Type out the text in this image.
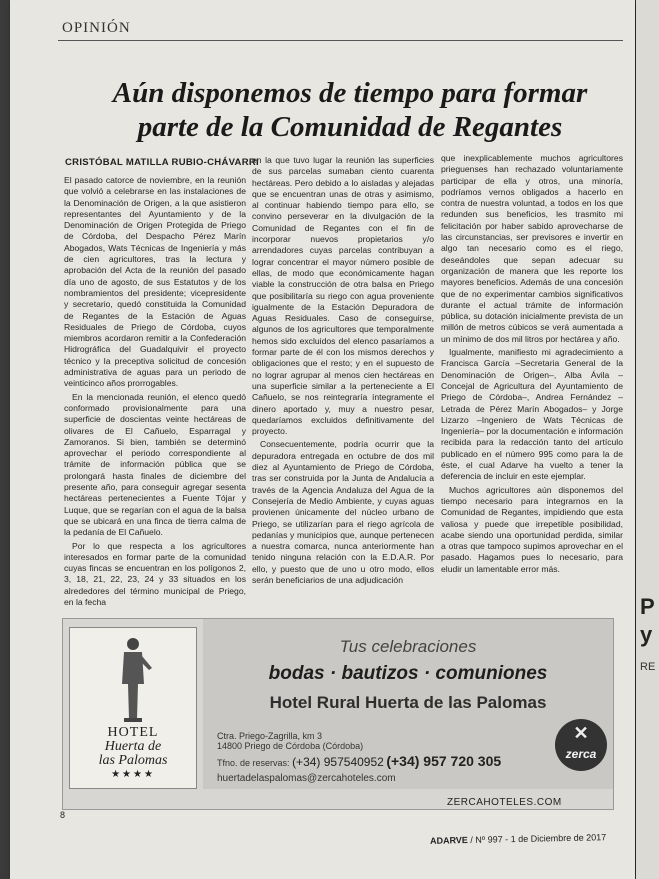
OPINIÓN
Aún disponemos de tiempo para formar
parte de la Comunidad de Regantes
CRISTÓBAL MATILLA RUBIO-CHÁVARRI

El pasado catorce de noviembre, en la reunión que volvió a celebrarse en las instalaciones de la Denominación de Origen, a la que asistieron representantes del Ayuntamiento y de la Denominación de Origen Protegida de Priego de Córdoba, del Despacho Pérez Marín Abogados, Wats Técnicas de Ingeniería y más de cien agricultores, tras la lectura y aprobación del Acta de la reunión del pasado día uno de agosto, de sus Estatutos y de los nombramientos del presidente; vicepresidente y secretario, quedó constituida la Comunidad de Regantes de la Estación de Aguas Residuales de Priego de Córdoba, cuyos miembros acordaron remitir a la Confederación Hidrográfica del Guadalquivir el proyecto técnico y la preceptiva solicitud de concesión administrativa de aguas para un periodo de veinticinco años prorrogables.

En la mencionada reunión, el elenco quedó conformado provisionalmente para una superficie de doscientas veinte hectáreas de olivares de El Cañuelo, Esparragal y Zamoranos. Si bien, también se determinó aprovechar el periodo correspondiente al trámite de información pública que se prolongará hasta finales de diciembre del presente año, para conseguir agregar sesenta hectáreas pertenecientes a Fuente Tójar y Luque, que se regarían con el agua de la balsa que se ubicará en una finca de tierra calma de la pedanía de El Cañuelo.

Por lo que respecta a los agricultores interesados en formar parte de la comunidad cuyas fincas se encuentran en los polígonos 2, 3, 18, 21, 22, 23, 24 y 33 situados en los alrededores del término municipal de Priego, en la fecha

en la que tuvo lugar la reunión las superficies de sus parcelas sumaban ciento cuarenta hectáreas. Pero debido a lo aisladas y alejadas que se encuentran unas de otras y asimismo, al continuar habiendo tiempo para ello, se convino perseverar en la divulgación de la Comunidad de Regantes con el fin de incorporar nuevos propietarios y/o arrendadores cuyas parcelas contribuyan a lograr concentrar el mayor número posible de ellas, de modo que económicamente hagan viable la construcción de otra balsa en Priego que posibilitaría su riego con agua proveniente igualmente de la Estación Depuradora de Aguas Residuales. Caso de conseguirse, algunos de los agricultores que temporalmente hemos sido excluidos del elenco pasaríamos a formar parte de él con los mismos derechos y obligaciones que el resto; y en el supuesto de no lograr agrupar al menos cien hectáreas en una superficie similar a la perteneciente a El Cañuelo, se nos reintegraría íntegramente el dinero aportado y, muy a nuestro pesar, quedaríamos excluidos definitivamente del proyecto.

Consecuentemente, podría ocurrir que la depuradora entregada en octubre de dos mil diez al Ayuntamiento de Priego de Córdoba, tras ser construida por la Junta de Andalucía a través de la Agencia Andaluza del Agua de la Consejería de Medio Ambiente, y cuyas aguas provienen únicamente del núcleo urbano de Priego, se utilizarían para el riego agrícola de pedanías y municipios que, aunque pertenecen a nuestra comarca, nunca anteriormente han tenido ninguna relación con la E.D.A.R. Por ello, y puesto que de uno u otro modo, ellos serán beneficiarios de una adjudicación

que inexplicablemente muchos agricultores prieguenses han rechazado voluntariamente participar de ella y otros, una minoría, podríamos vernos obligados a hacerlo en contra de nuestra voluntad, a todos en los que redunden sus beneficios, les trasmito mi felicitación por haber sabido aprovecharse de las circunstancias, ser previsores e invertir en algo tan necesario como es el riego, deseándoles que sepan adecuar su organización de manera que les reporte los mayores beneficios. Además de una concesión que de no experimentar cambios significativos durante el actual trámite de información pública, su dotación inicialmente prevista de un millón de metros cúbicos se verá aumentada a un mínimo de dos mil litros por hectárea y año.

Igualmente, manifiesto mi agradecimiento a Francisca García –Secretaria General de la Denominación de Origen–, Alba Ávila –Concejal de Agricultura del Ayuntamiento de Priego de Córdoba–, Andrea Fernández –Letrada de Pérez Marín Abogados– y Jorge Lizarzo –Ingeniero de Wats Técnicas de Ingeniería– por la documentación e información recibida para la redacción tanto del artículo publicado en el número 995 como para la de éste, el cual Adarve ha vuelto a tener la deferencia de incluir en este ejemplar.

Muchos agricultores aún disponemos del tiempo necesario para integrarnos en la Comunidad de Regantes, impidiendo que esta valiosa y puede que irrepetible posibilidad, acabe siendo una oportunidad perdida, similar a otras que tampoco supimos aprovechar en el pasado. Hagamos pues lo necesario, para eludir un lamentable error más.

HOTEL
Huerta de
las Palomas
★★★★
Tus celebraciones
bodas · bautizos · comuniones
Hotel Rural Huerta de las Palomas
Ctra. Priego-Zagrilla, km 3
14800 Priego de Córdoba (Córdoba)
Tfno. de reservas: (+34) 957540952 (+34) 957 720 305
huertadelaspalomas@zercahoteles.com
✕
zerca
ZERCAHOTELES.COM
8
ADARVE / Nº 997 - 1 de Diciembre de 2017
P
y
RE
